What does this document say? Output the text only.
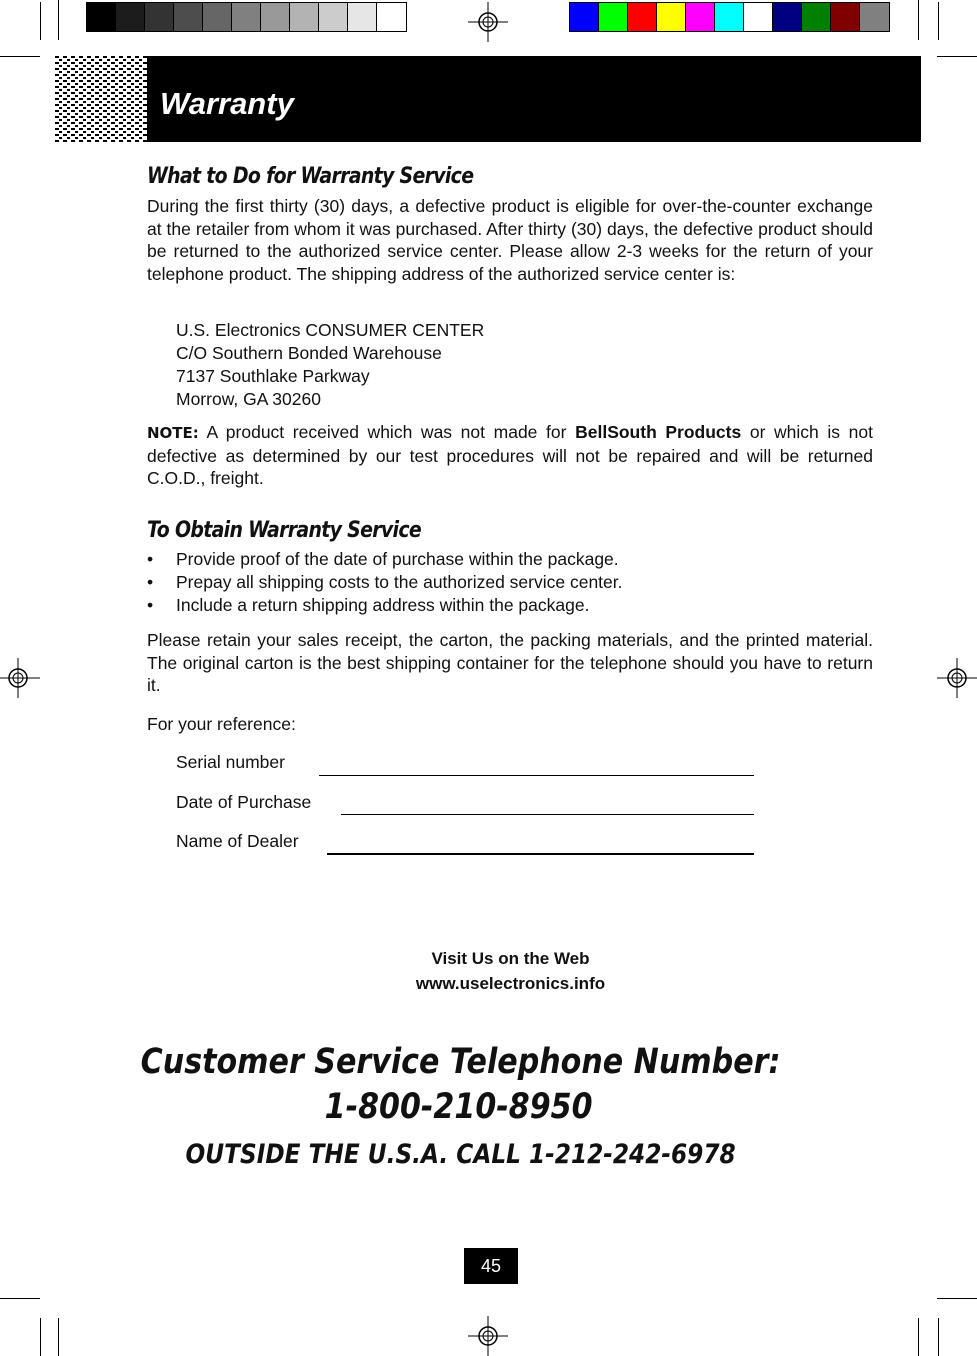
Warranty
What to Do for Warranty Service
During the first thirty (30) days, a defective product is eligible for over-the-counter exchange at the retailer from whom it was purchased. After thirty (30) days, the defective product should be returned to the authorized service center. Please allow 2-3 weeks for the return of your telephone product. The shipping address of the authorized service center is:
U.S. Electronics CONSUMER CENTER
C/O Southern Bonded Warehouse
7137 Southlake Parkway
Morrow, GA 30260
NOTE: A product received which was not made for BellSouth Products or which is not defective as determined by our test procedures will not be repaired and will be returned C.O.D., freight.
To Obtain Warranty Service
• Provide proof of the date of purchase within the package.
• Prepay all shipping costs to the authorized service center.
• Include a return shipping address within the package.
Please retain your sales receipt, the carton, the packing materials, and the printed material. The original carton is the best shipping container for the telephone should you have to return it.
For your reference:
Serial number
Date of Purchase
Name of Dealer
Visit Us on the Web
www.uselectronics.info
Customer Service Telephone Number:
1-800-210-8950
OUTSIDE THE U.S.A. CALL 1-212-242-6978
45
